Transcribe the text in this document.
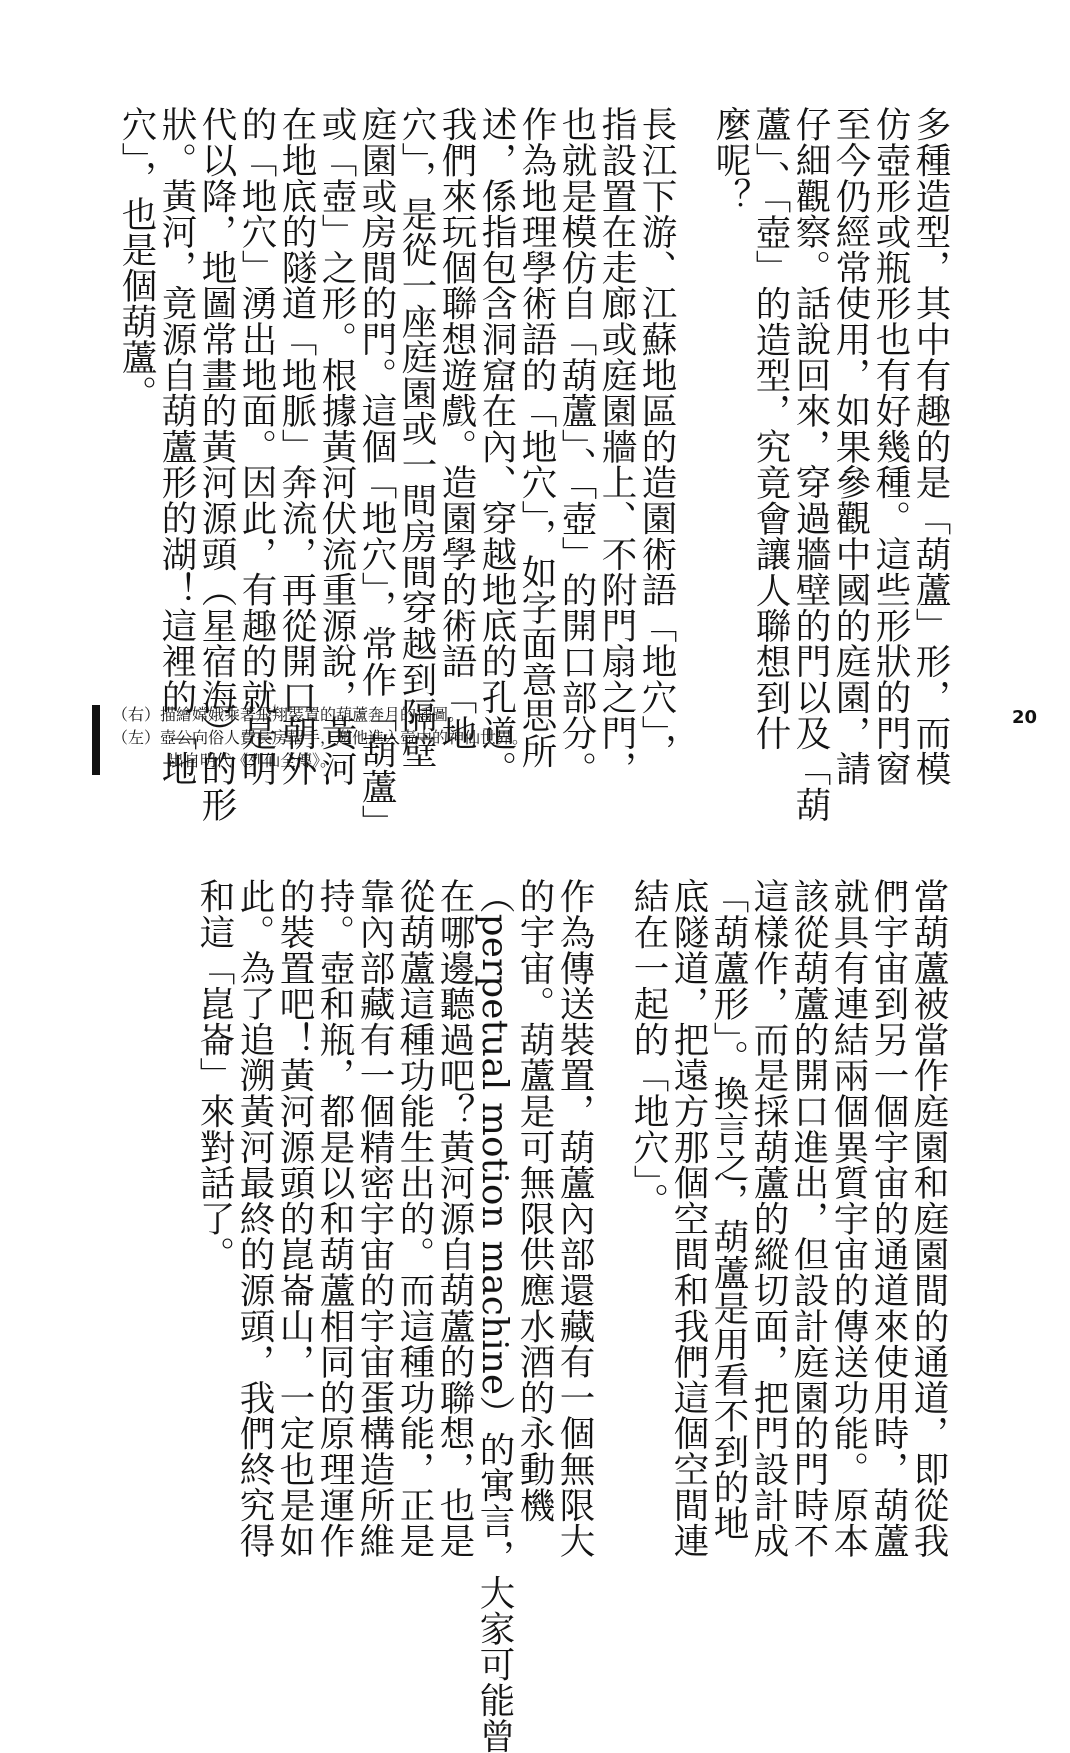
多種造型，其中有趣的是「葫蘆」形，而模

仿壺形或瓶形也有好幾種。這些形狀的門窗

至今仍經常使用，如果參觀中國的庭園，請

仔細觀察。話說回來，穿過牆壁的門以及「葫

蘆」、「壺」的造型，究竟會讓人聯想到什

麼呢？

長江下游、江蘇地區的造園術語「地穴」，

指設置在走廊或庭園牆上、不附門扇之門，

也就是模仿自「葫蘆」、「壺」的開口部分。

作為地理學術語的「地穴」，如字面意思所

述，係指包含洞窟在內、穿越地底的孔道。

我們來玩個聯想遊戲。造園學的術語「地

穴」，是從一座庭園或一間房間穿越到隔壁

庭園或房間的門。這個「地穴」，常作「葫蘆」

或「壺」之形。根據黃河伏流重源說，黃河

在地底的隧道「地脈」奔流，再從開口朝外

的「地穴」湧出地面。因此，有趣的就是明

代以降，地圖常畫的黃河源頭（星宿海）的形

狀。黃河，竟源自葫蘆形的湖！這裡的「地

穴」，也是個葫蘆。

（右）描繪嫦娥乘著飛翔裝置的葫蘆奔月的插圖。
（左）壺公向俗人費長房招手，邀他進入壺中的神仙世界。
出自明代《列仙全傳》。
20

當葫蘆被當作庭園和庭園間的通道，即從我

們宇宙到另一個宇宙的通道來使用時，葫蘆

就具有連結兩個異質宇宙的傳送功能。原本

該從葫蘆的開口進出，但設計庭園的門時不

這樣作，而是採葫蘆的縱切面，把門設計成

「葫蘆形」。換言之，葫蘆是用看不到的地

底隧道，把遠方那個空間和我們這個空間連

結在一起的「地穴」。

作為傳送裝置，葫蘆內部還藏有一個無限大

的宇宙。葫蘆是可無限供應水酒的永動機

（perpetual motion machine）的寓言，大家可能曾

在哪邊聽過吧？黃河源自葫蘆的聯想，也是

從葫蘆這種功能生出的。而這種功能，正是

靠內部藏有一個精密宇宙的宇宙蛋構造所維

持。壺和瓶，都是以和葫蘆相同的原理運作

的裝置吧！黃河源頭的崑崙山，一定也是如

此。為了追溯黃河最終的源頭，我們終究得

和這「崑崙」來對話了。
